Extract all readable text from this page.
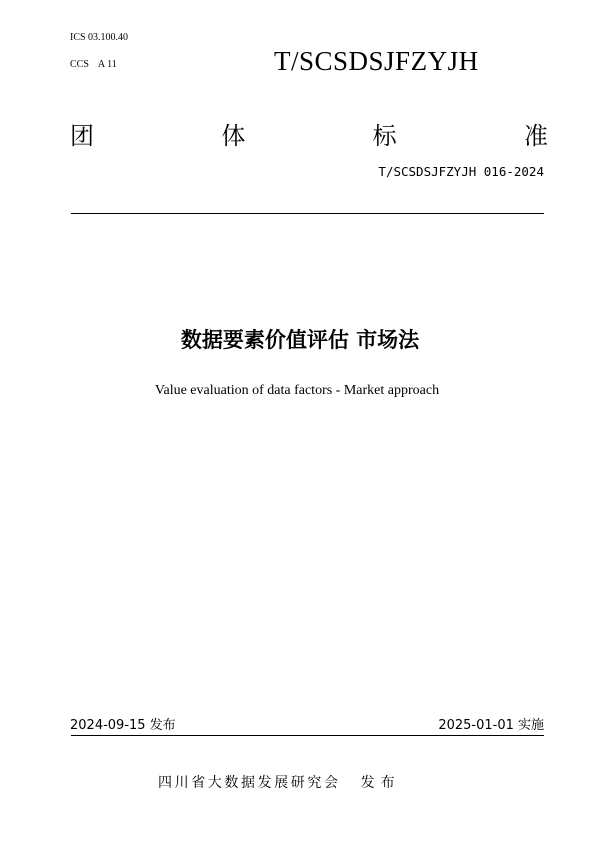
ICS 03.100.40
CCS A 11	T/SCSDSJFZYJH
团	体	标	准
T/SCSDSJFZYJH 016-2024
数据要素价值评估 市场法
Value evaluation of data factors - Market approach
2024-09-15 发布	2025-01-01 实施
四川省大数据发展研究会 发布
